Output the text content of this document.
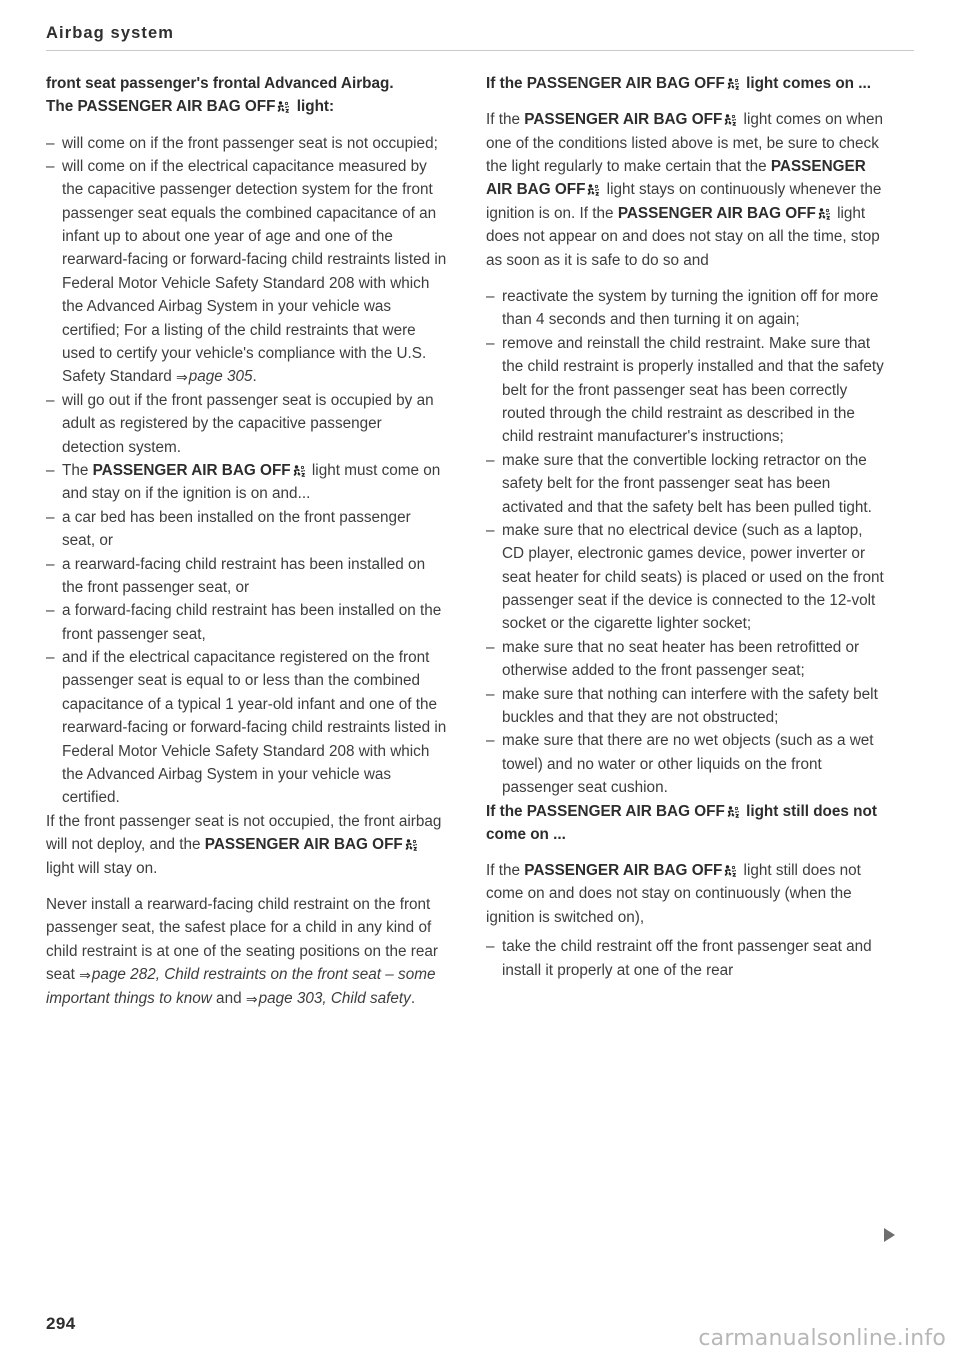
Airbag system
front seat passenger's frontal Advanced Airbag.
The PASSENGER AIR BAG OFF
light:
– will come on if the front passenger seat is not occupied;
– will come on if the electrical capacitance measured by the capacitive passenger detection system for the front passenger seat equals the combined capacitance of an infant up to about one year of age and one of the rearward-facing or forward-facing child restraints listed in Federal Motor Vehicle Safety Standard 208 with which the Advanced Airbag System in your vehicle was certified; For a listing of the child restraints that were used to certify your vehicle's compliance with the U.S. Safety Standard ⇒page 305.
– will go out if the front passenger seat is occupied by an adult as registered by the capacitive passenger detection system.
– The PASSENGER AIR BAG OFF
light must come on and stay on if the ignition is on and...
– a car bed has been installed on the front passenger seat, or
– a rearward-facing child restraint has been installed on the front passenger seat, or
– a forward-facing child restraint has been installed on the front passenger seat,
– and if the electrical capacitance registered on the front passenger seat is equal to or less than the combined capacitance of a typical 1 year-old infant and one of the rearward-facing or forward-facing child restraints listed in Federal Motor Vehicle Safety Standard 208 with which the Advanced Airbag System in your vehicle was certified.

If the front passenger seat is not occupied, the front airbag will not deploy, and the PASSENGER AIR BAG OFF
light will stay on.

Never install a rearward-facing child restraint on the front passenger seat, the safest place for a child in any kind of child restraint is at one of the seating positions on the rear seat ⇒page 282, Child restraints on the front seat – some important things to know and ⇒page 303, Child safety.

If the PASSENGER AIR BAG OFF
light comes on ...

If the PASSENGER AIR BAG OFF
light comes on when one of the conditions listed above is met, be sure to check the light regularly to make certain that the PASSENGER AIR BAG OFF
light stays on continuously whenever the ignition is on. If the PASSENGER AIR BAG OFF
light does not appear on and does not stay on all the time, stop as soon as it is safe to do so and

– reactivate the system by turning the ignition off for more than 4 seconds and then turning it on again;
– remove and reinstall the child restraint. Make sure that the child restraint is properly installed and that the safety belt for the front passenger seat has been correctly routed through the child restraint as described in the child restraint manufacturer's instructions;
– make sure that the convertible locking retractor on the safety belt for the front passenger seat has been activated and that the safety belt has been pulled tight.
– make sure that no electrical device (such as a laptop, CD player, electronic games device, power inverter or seat heater for child seats) is placed or used on the front passenger seat if the device is connected to the 12-volt socket or the cigarette lighter socket;
– make sure that no seat heater has been retrofitted or otherwise added to the front passenger seat;
– make sure that nothing can interfere with the safety belt buckles and that they are not obstructed;
– make sure that there are no wet objects (such as a wet towel) and no water or other liquids on the front passenger seat cushion.
If the PASSENGER AIR BAG OFF
light still does not come on ...

If the PASSENGER AIR BAG OFF
light still does not come on and does not stay on continuously (when the ignition is switched on),

– take the child restraint off the front passenger seat and install it properly at one of the rear
294
carmanualsonline.info
